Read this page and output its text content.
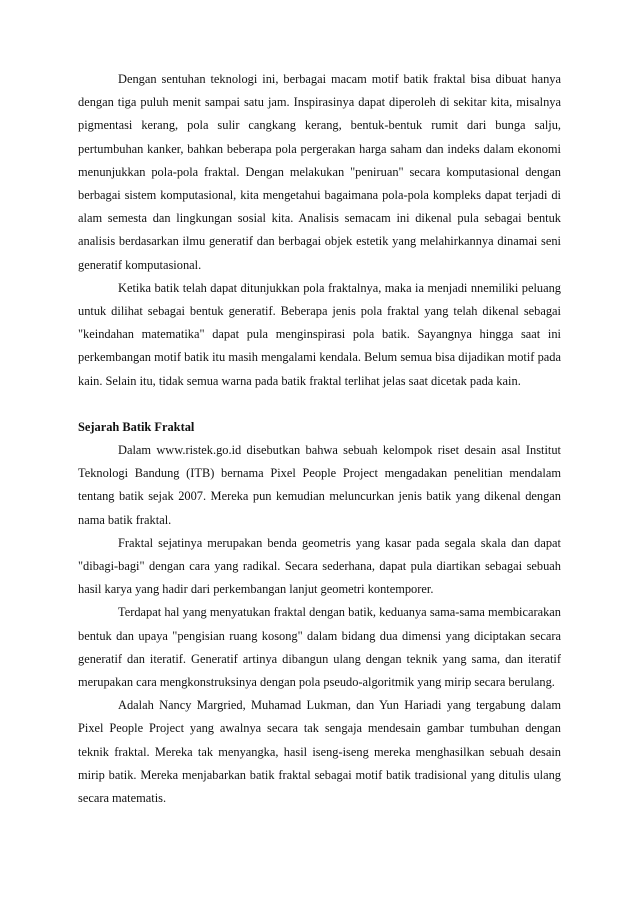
Dengan sentuhan teknologi ini, berbagai macam motif batik fraktal bisa dibuat hanya dengan tiga puluh menit sampai satu jam. Inspirasinya dapat diperoleh di sekitar kita, misalnya pigmentasi kerang, pola sulir cangkang kerang, bentuk-bentuk rumit dari bunga salju, pertumbuhan kanker, bahkan beberapa pola pergerakan harga saham dan indeks dalam ekonomi menunjukkan pola-pola fraktal. Dengan melakukan "peniruan" secara komputasional dengan berbagai sistem komputasional, kita mengetahui bagaimana pola-pola kompleks dapat terjadi di alam semesta dan lingkungan sosial kita. Analisis semacam ini dikenal pula sebagai bentuk analisis berdasarkan ilmu generatif dan berbagai objek estetik yang melahirkannya dinamai seni generatif komputasional.

Ketika batik telah dapat ditunjukkan pola fraktalnya, maka ia menjadi nnemiliki peluang untuk dilihat sebagai bentuk generatif. Beberapa jenis pola fraktal yang telah dikenal sebagai "keindahan matematika" dapat pula menginspirasi pola batik. Sayangnya hingga saat ini perkembangan motif batik itu masih mengalami kendala. Belum semua bisa dijadikan motif pada kain. Selain itu, tidak semua warna pada batik fraktal terlihat jelas saat dicetak pada kain.

Sejarah Batik Fraktal

Dalam www.ristek.go.id disebutkan bahwa sebuah kelompok riset desain asal Institut Teknologi Bandung (ITB) bernama Pixel People Project mengadakan penelitian mendalam tentang batik sejak 2007. Mereka pun kemudian meluncurkan jenis batik yang dikenal dengan nama batik fraktal.

Fraktal sejatinya merupakan benda geometris yang kasar pada segala skala dan dapat "dibagi-bagi" dengan cara yang radikal. Secara sederhana, dapat pula diartikan sebagai sebuah hasil karya yang hadir dari perkembangan lanjut geometri kontemporer.

Terdapat hal yang menyatukan fraktal dengan batik, keduanya sama-sama membicarakan bentuk dan upaya "pengisian ruang kosong" dalam bidang dua dimensi yang diciptakan secara generatif dan iteratif. Generatif artinya dibangun ulang dengan teknik yang sama, dan iteratif merupakan cara mengkonstruksinya dengan pola pseudo-algoritmik yang mirip secara berulang.

Adalah Nancy Margried, Muhamad Lukman, dan Yun Hariadi yang tergabung dalam Pixel People Project yang awalnya secara tak sengaja mendesain gambar tumbuhan dengan teknik fraktal. Mereka tak menyangka, hasil iseng-iseng mereka menghasilkan sebuah desain mirip batik. Mereka menjabarkan batik fraktal sebagai motif batik tradisional yang ditulis ulang secara matematis.
